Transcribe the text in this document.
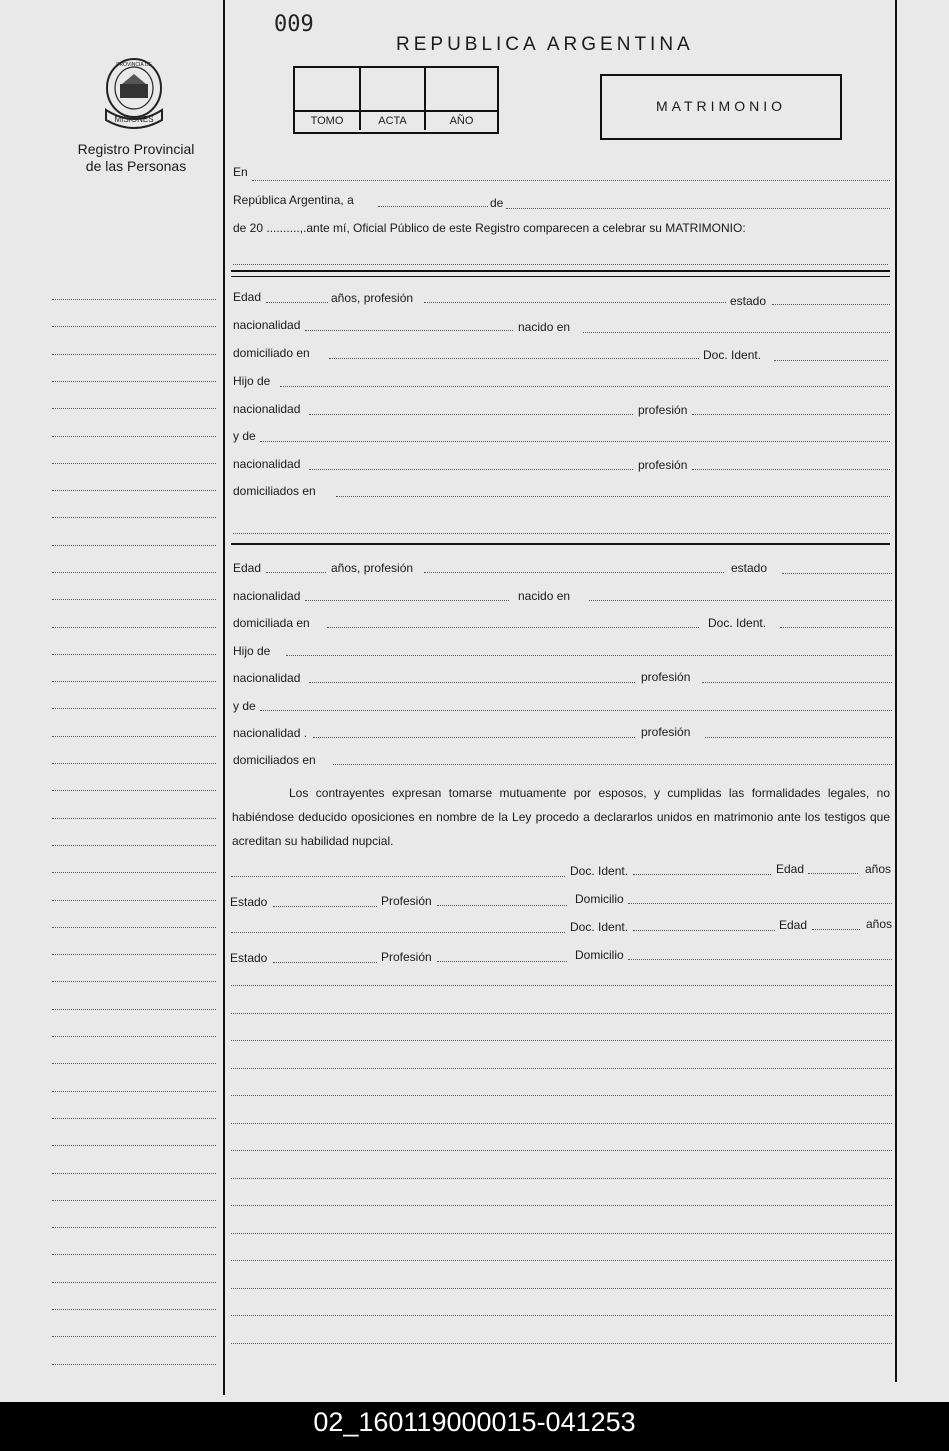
MISIONES
PROVINCIA DE
Registro Provincial
de las Personas
009
REPUBLICA ARGENTINA
TOMO	ACTA	AÑO
MATRIMONIO
En
República Argentina, a	de
de 20 ..........,.ante mí, Oficial Público de este Registro comparecen a celebrar su MATRIMONIO:
Edad	años, profesión	estado
nacionalidad	nacido en
domiciliado en	Doc. Ident.
Hijo de
nacionalidad	profesión
y de
nacionalidad	profesión
domiciliados en
Edad	años, profesión	estado
nacionalidad	nacido en
domiciliada en	Doc. Ident.
Hijo de
nacionalidad	profesión
y de
nacionalidad .	profesión
domiciliados en
Los contrayentes expresan tomarse mutuamente por esposos, y cumplidas las formalidades legales, no habiéndose deducido oposiciones en nombre de la Ley procedo a declararlos unidos en matrimonio ante los testigos que acreditan su habilidad nupcial.
Doc. Ident.	Edad	años
Estado	Profesión	Domicilio
Doc. Ident.	Edad	años
Estado	Profesión	Domicilio
02_160119000015-041253
